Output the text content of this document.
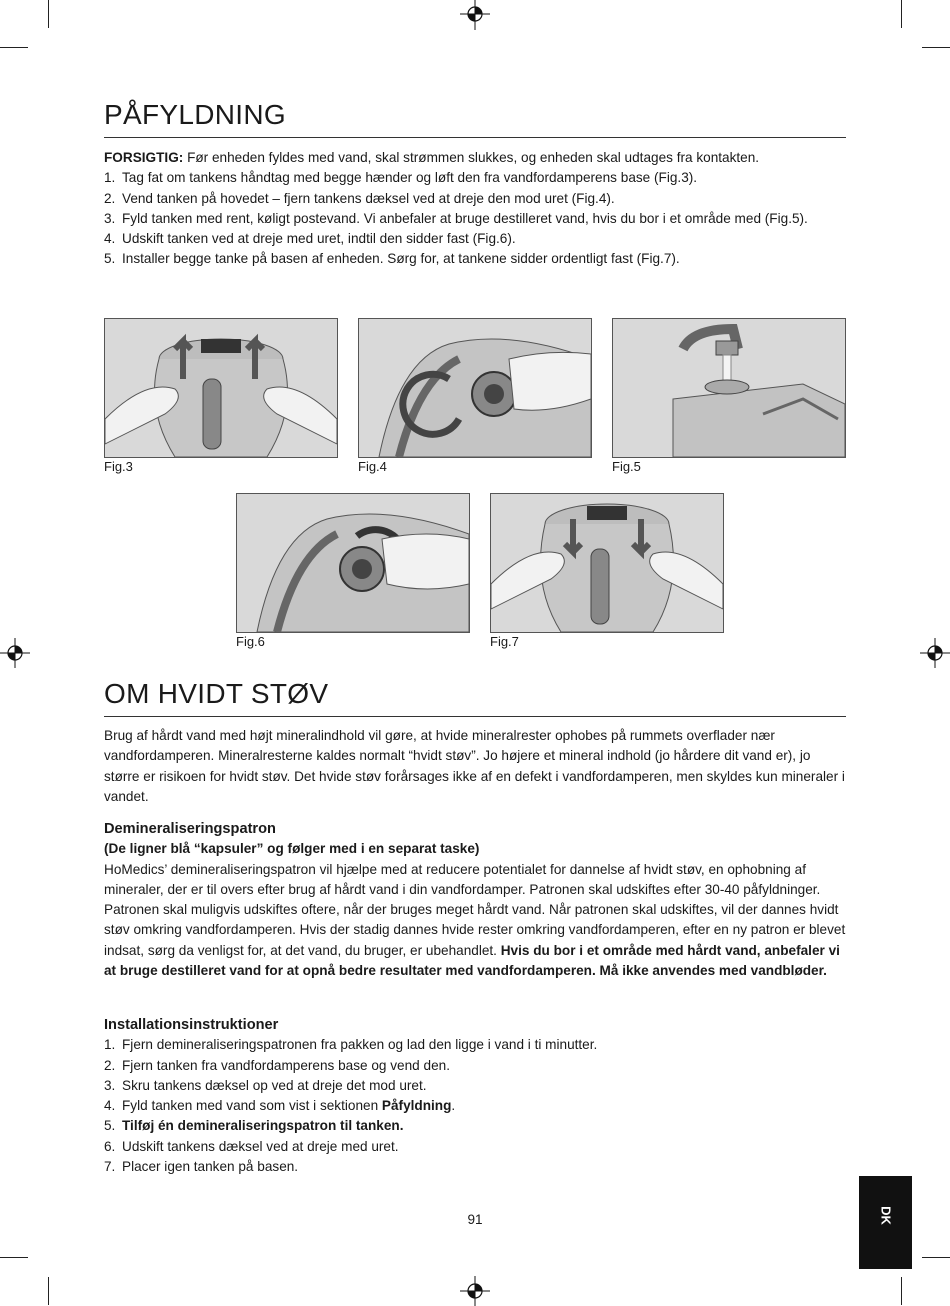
PÅFYLDNING

FORSIGTIG: Før enheden fyldes med vand, skal strømmen slukkes, og enheden skal udtages fra kontakten.

1. Tag fat om tankens håndtag med begge hænder og løft den fra vandfordamperens base (Fig.3).
2. Vend tanken på hovedet – fjern tankens dæksel ved at dreje den mod uret (Fig.4).
3. Fyld tanken med rent, køligt postevand. Vi anbefaler at bruge destilleret vand, hvis du bor i et område med (Fig.5).
4. Udskift tanken ved at dreje med uret, indtil den sidder fast (Fig.6).
5. Installer begge tanke på basen af enheden. Sørg for, at tankene sidder ordentligt fast (Fig.7).
Fig.3	Fig.4	Fig.5
Fig.6	Fig.7
OM HVIDT STØV
Brug af hårdt vand med højt mineralindhold vil gøre, at hvide mineralrester ophobes på rummets overflader nær vandfordamperen. Mineralresterne kaldes normalt “hvidt støv”. Jo højere et mineral indhold (jo hårdere dit vand er), jo større er risikoen for hvidt støv. Det hvide støv forårsages ikke af en defekt i vandfordamperen, men skyldes kun mineraler i vandet.
Demineraliseringspatron
(De ligner blå “kapsuler” og følger med i en separat taske)

HoMedics’ demineraliseringspatron vil hjælpe med at reducere potentialet for dannelse af hvidt støv, en ophobning af mineraler, der er til overs efter brug af hårdt vand i din vandfordamper. Patronen skal udskiftes efter 30-40 påfyldninger. Patronen skal muligvis udskiftes oftere, når der bruges meget hårdt vand. Når patronen skal udskiftes, vil der dannes hvidt støv omkring vandfordamperen. Hvis der stadig dannes hvide rester omkring vandfordamperen, efter en ny patron er blevet indsat, sørg da venligst for, at det vand, du bruger, er ubehandlet. Hvis du bor i et område med hårdt vand, anbefaler vi at bruge destilleret vand for at opnå bedre resultater med vandfordamperen. Må ikke anvendes med vandbløder.

Installationsinstruktioner
1. Fjern demineraliseringspatronen fra pakken og lad den ligge i vand i ti minutter.
2. Fjern tanken fra vandfordamperens base og vend den.
3. Skru tankens dæksel op ved at dreje det mod uret.
4. Fyld tanken med vand som vist i sektionen Påfyldning.
5. Tilføj én demineraliseringspatron til tanken.
6. Udskift tankens dæksel ved at dreje med uret.
7. Placer igen tanken på basen.
91	DK
